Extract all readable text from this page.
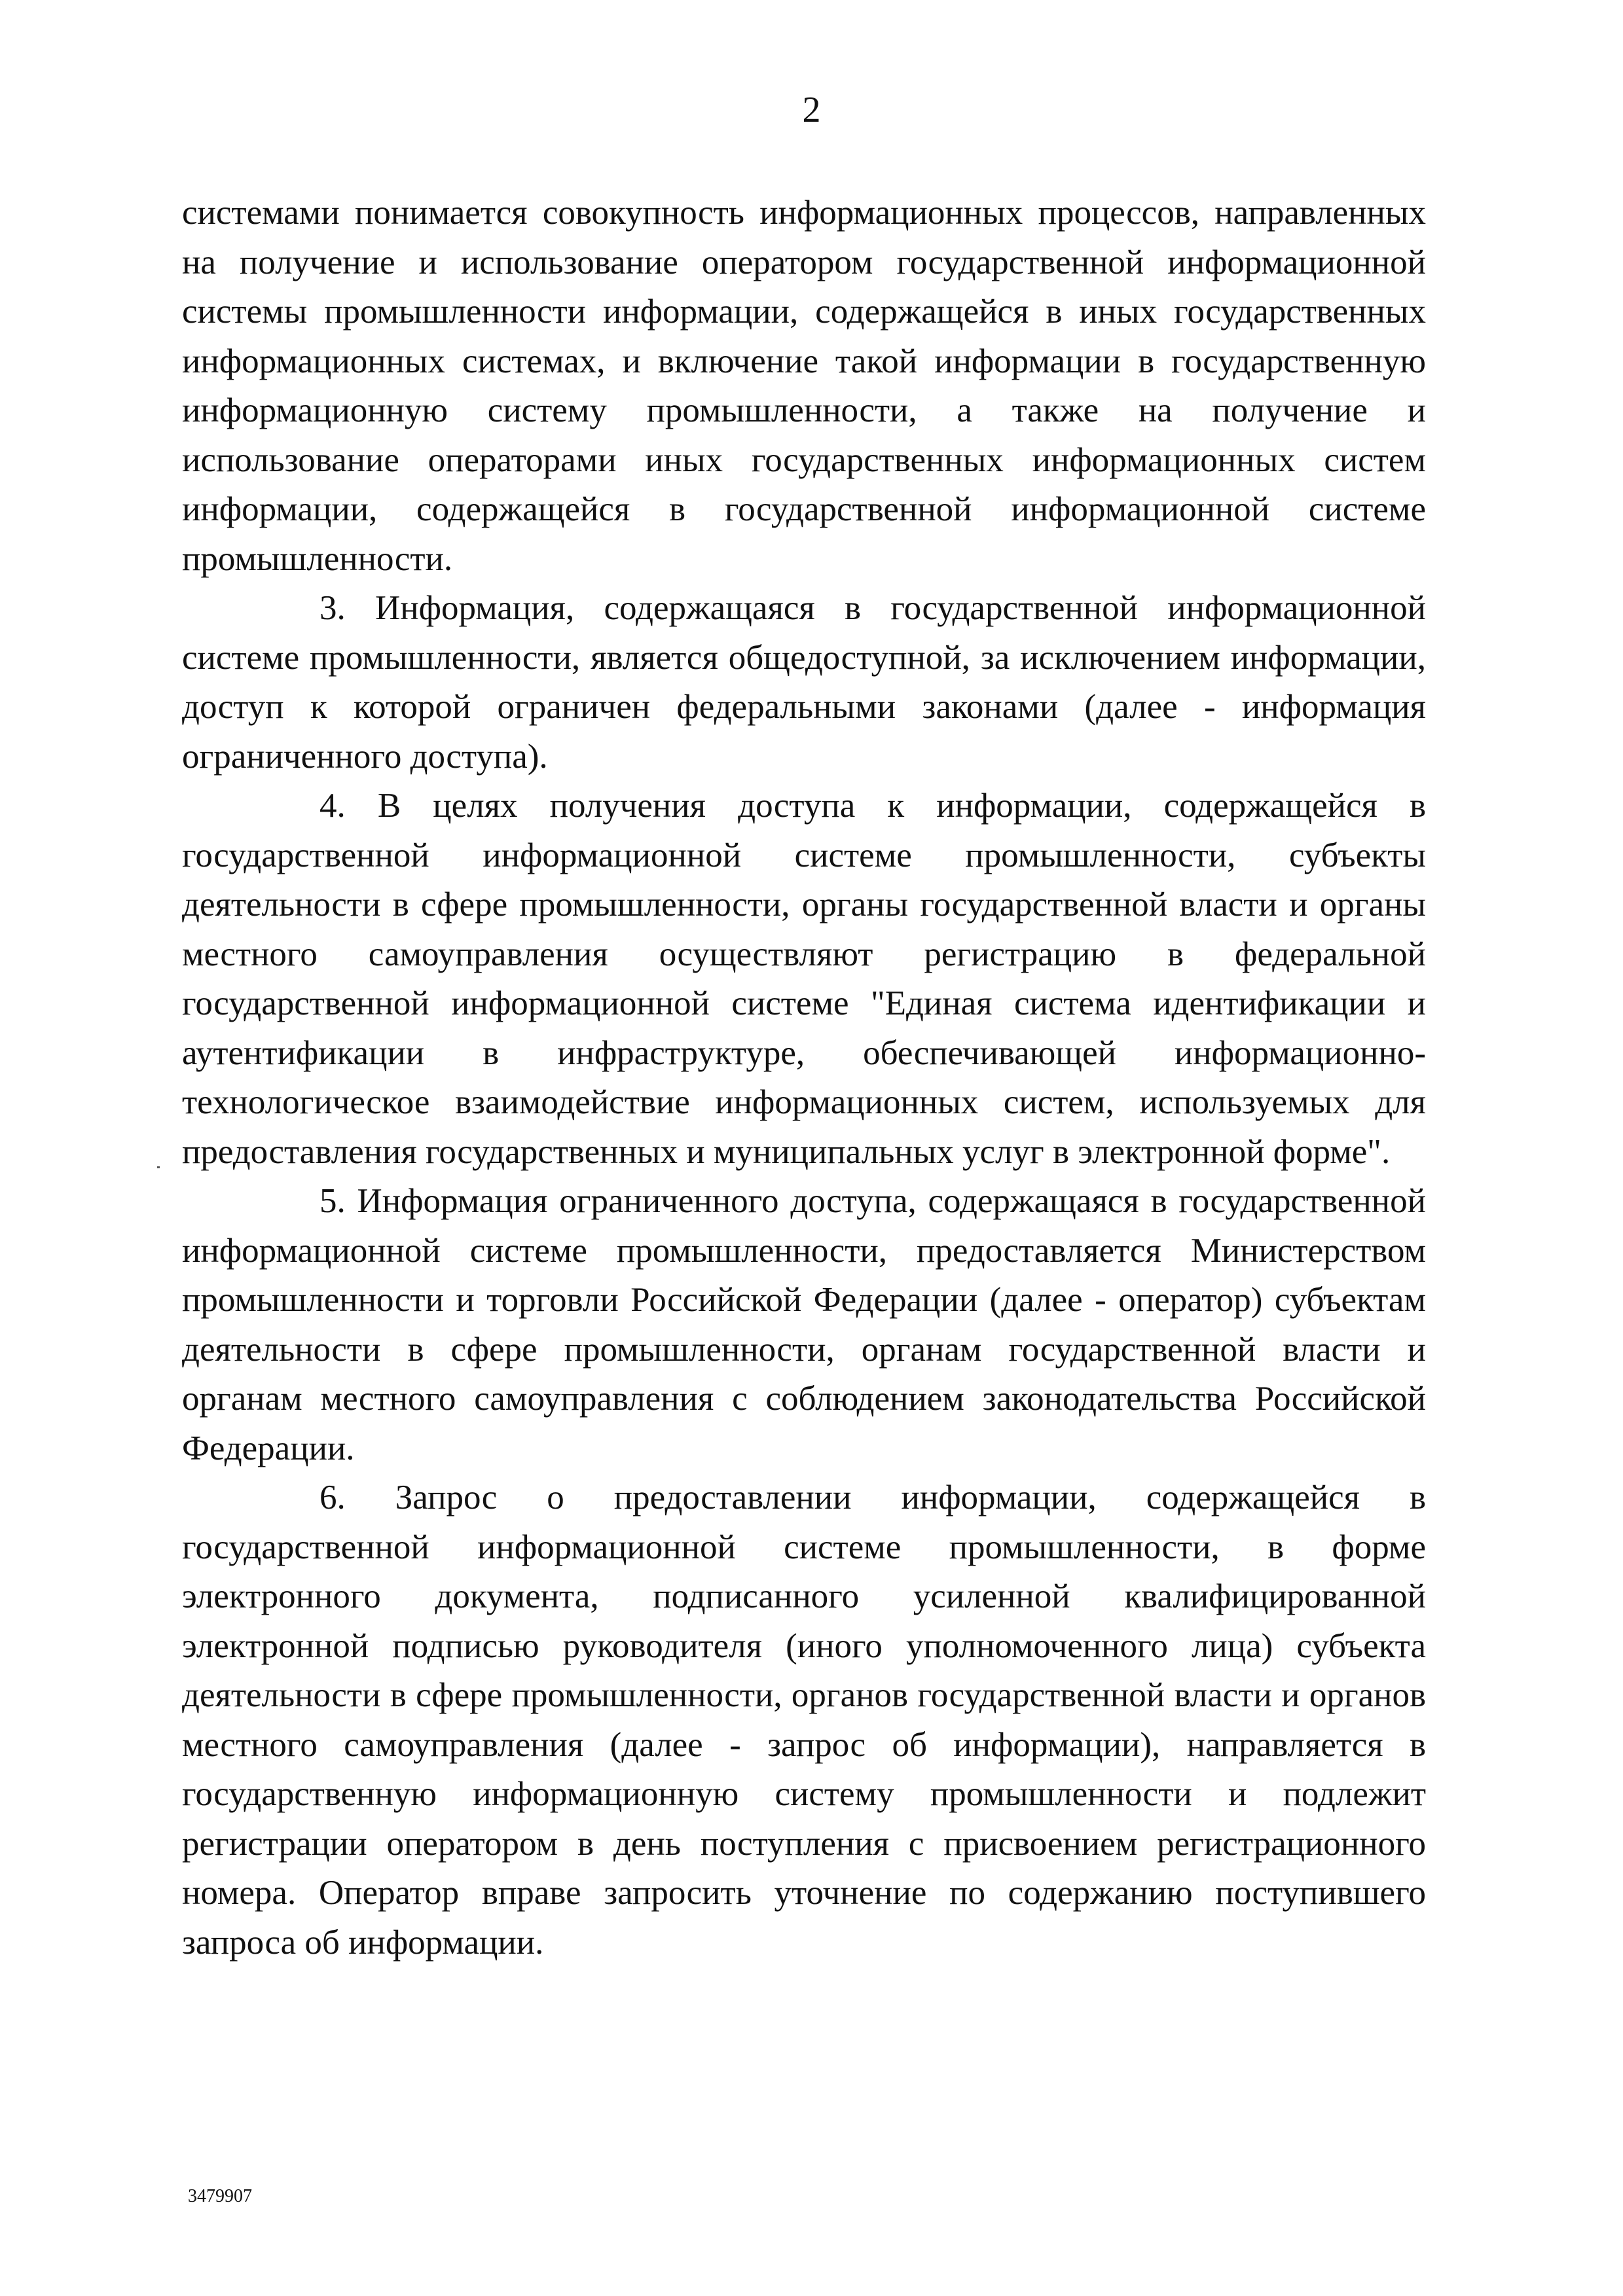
2

системами понимается совокупность информационных процессов, направленных на получение и использование оператором государственной информационной системы промышленности информации, содержащейся в иных государственных информационных системах, и включение такой информации в государственную информационную систему промышленности, а также на получение и использование операторами иных государственных информационных систем информации, содержащейся в государственной информационной системе промышленности.

3. Информация, содержащаяся в государственной информационной системе промышленности, является общедоступной, за исключением информации, доступ к которой ограничен федеральными законами (далее - информация ограниченного доступа).

4. В целях получения доступа к информации, содержащейся в государственной информационной системе промышленности, субъекты деятельности в сфере промышленности, органы государственной власти и органы местного самоуправления осуществляют регистрацию в федеральной государственной информационной системе "Единая система идентификации и аутентификации в инфраструктуре, обеспечивающей информационно-технологическое взаимодействие информационных систем, используемых для предоставления государственных и муниципальных услуг в электронной форме".

5. Информация ограниченного доступа, содержащаяся в государственной информационной системе промышленности, предоставляется Министерством промышленности и торговли Российской Федерации (далее - оператор) субъектам деятельности в сфере промышленности, органам государственной власти и органам местного самоуправления с соблюдением законодательства Российской Федерации.

6. Запрос о предоставлении информации, содержащейся в государственной информационной системе промышленности, в форме электронного документа, подписанного усиленной квалифицированной электронной подписью руководителя (иного уполномоченного лица) субъекта деятельности в сфере промышленности, органов государственной власти и органов местного самоуправления (далее - запрос об информации), направляется в государственную информационную систему промышленности и подлежит регистрации оператором в день поступления с присвоением регистрационного номера. Оператор вправе запросить уточнение по содержанию поступившего запроса об информации.

3479907
